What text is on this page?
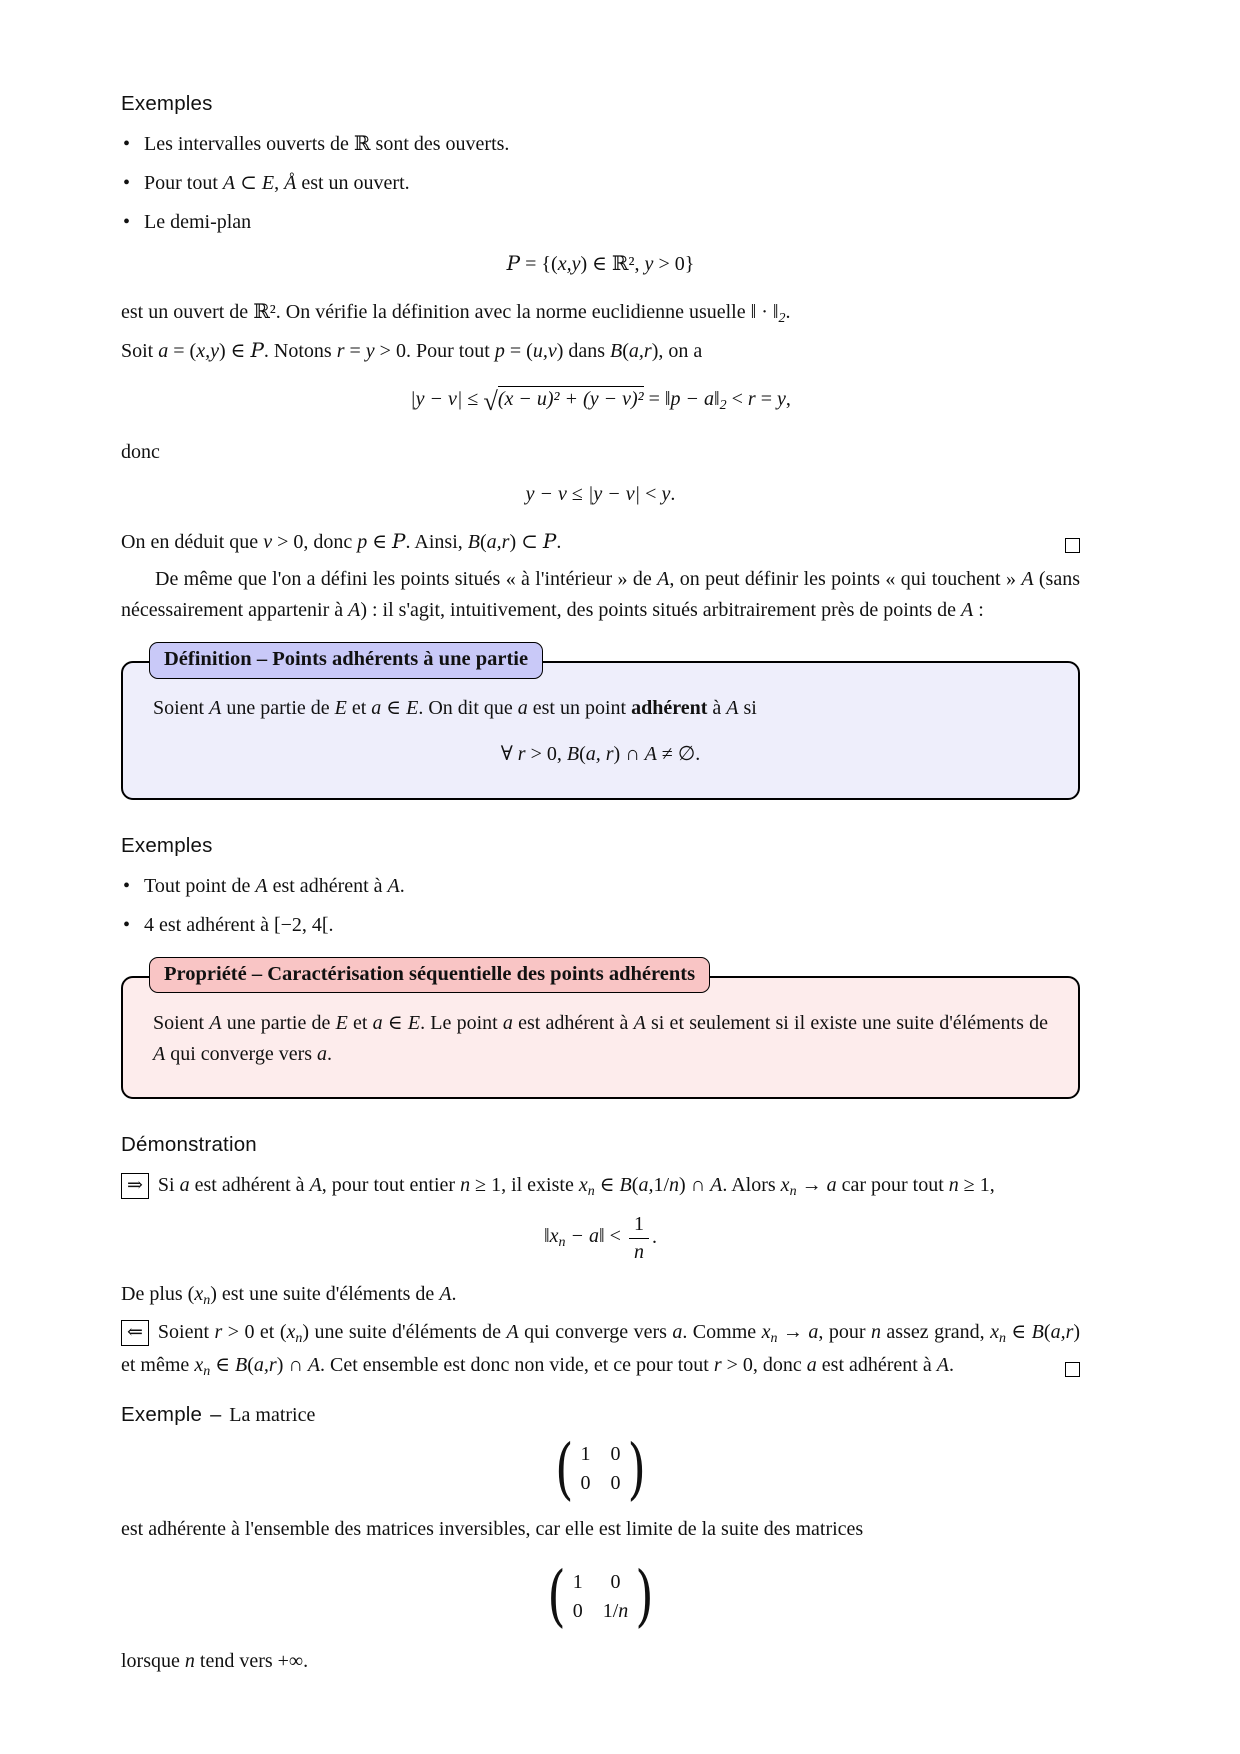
Exemples
• Les intervalles ouverts de ℝ sont des ouverts.
• Pour tout A ⊂ E, Å est un ouvert.
• Le demi-plan
P = {(x,y) ∈ ℝ², y > 0}

est un ouvert de ℝ². On vérifie la définition avec la norme euclidienne usuelle ‖ · $‖_2$.

Soit a = (x,y) ∈ P. Notons r = y > 0. Pour tout p = (u,v) dans B(a,r), on a

|y − v| ≤ √(x − u)² + (y − v)² = ‖p − $a‖_2 < r = y$,

donc

y − v ≤ |y − v| < y.

On en déduit que v > 0, donc p ∈ P. Ainsi, B(a,r) ⊂ P.

De même que l'on a défini les points situés « à l'intérieur » de A, on peut définir les points « qui touchent » A (sans nécessairement appartenir à A) : il s'agit, intuitivement, des points situés arbitrairement près de points de A :

Définition – Points adhérents à une partie

Soient A une partie de E et a ∈ E. On dit que a est un point adhérent à A si

∀ r > 0, B(a, r) ∩ A ≠ ∅.
Exemples
• Tout point de A est adhérent à A.
• 4 est adhérent à [−2, 4[.
Propriété – Caractérisation séquentielle des points adhérents

Soient A une partie de E et a ∈ E. Le point a est adhérent à A si et seulement si il existe une suite d'éléments de A qui converge vers a.

Démonstration

⇒ Si a est adhérent à A, pour tout entier n ≥ 1, il existe $x_n$ ∈ B(a,1/n) ∩ A. Alors $x_n \to a$ car pour tout n ≥ 1,

$‖x_n$ − a‖ < $\frac{1}{n}$ .

De plus $(x_n)$ est une suite d'éléments de A.

⇐ Soient r > 0 et $(x_n)$ une suite d'éléments de A qui converge vers a. Comme $x_n \to a$, pour n assez grand, $x_n$ ∈ B(a,r) et même $x_n$ ∈ B(a,r) ∩ A. Cet ensemble est donc non vide, et ce pour tout r > 0, donc a est adhérent à A.

Exemple – La matrice
( 1 0
0 0 )

est adhérente à l'ensemble des matrices inversibles, car elle est limite de la suite des matrices

( 1	0
0 1/n )

lorsque n tend vers +∞.
